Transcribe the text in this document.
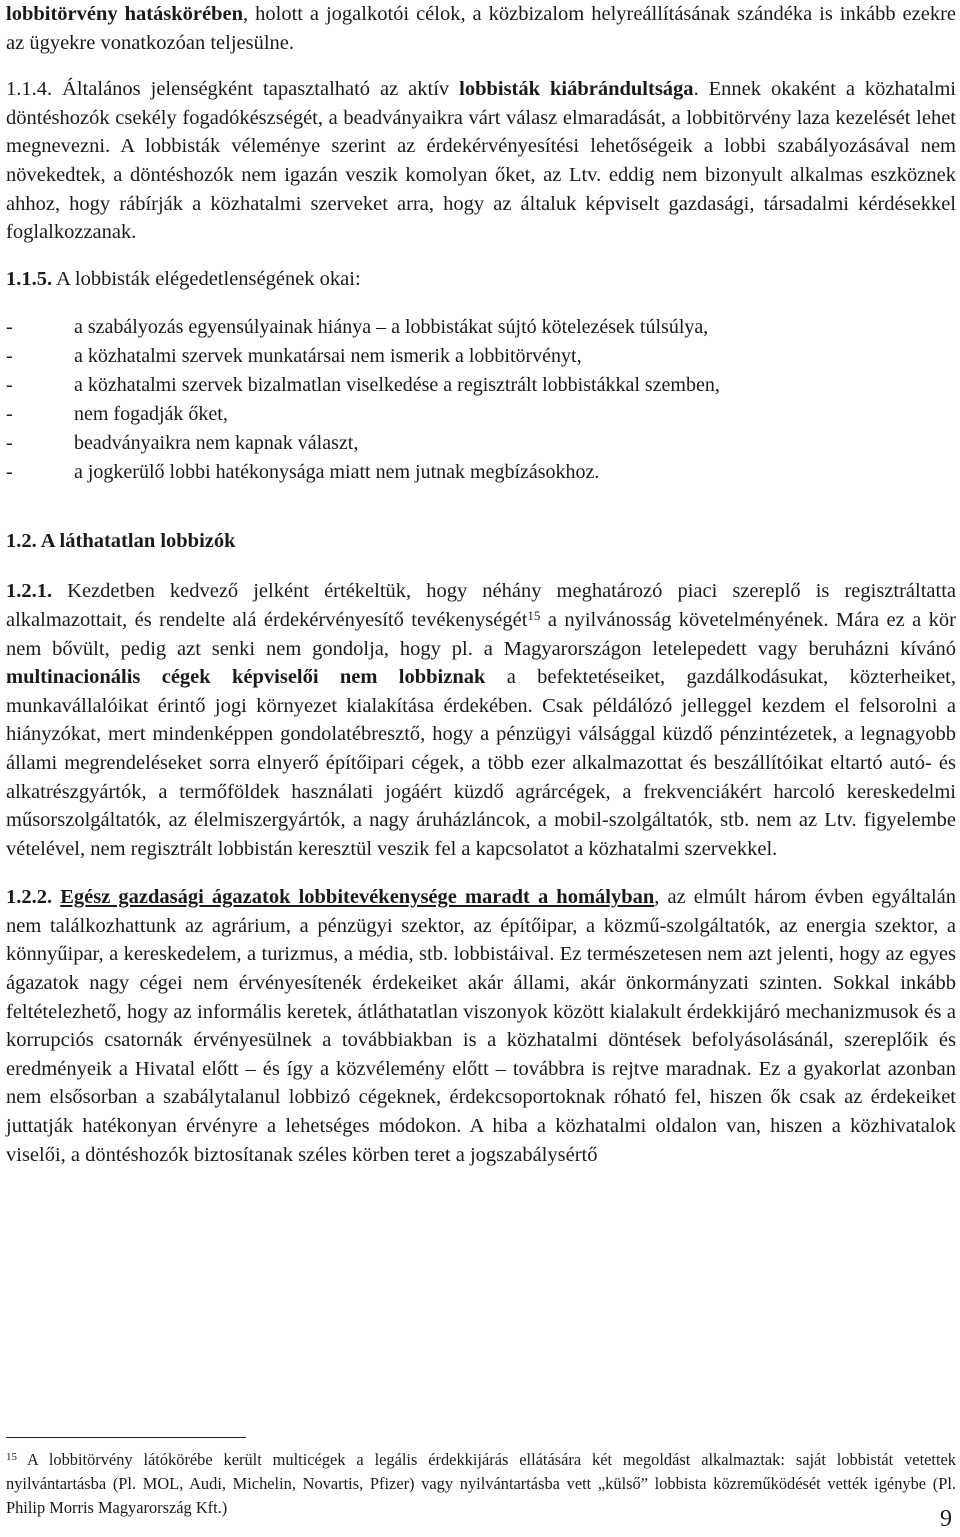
lobbitörvény hatáskörében, holott a jogalkotói célok, a közbizalom helyreállításának szándéka is inkább ezekre az ügyekre vonatkozóan teljesülne.

1.1.4. Általános jelenségként tapasztalható az aktív lobbisták kiábrándultsága. Ennek okaként a közhatalmi döntéshozók csekély fogadókészségét, a beadványaikra várt válasz elmaradását, a lobbitörvény laza kezelését lehet megnevezni. A lobbisták véleménye szerint az érdekérvényesítési lehetőségeik a lobbi szabályozásával nem növekedtek, a döntéshozók nem igazán veszik komolyan őket, az Ltv. eddig nem bizonyult alkalmas eszköznek ahhoz, hogy rábírják a közhatalmi szerveket arra, hogy az általuk képviselt gazdasági, társadalmi kérdésekkel foglalkozzanak.

1.1.5. A lobbisták elégedetlenségének okai:

-	a szabályozás egyensúlyainak hiánya – a lobbistákat sújtó kötelezések túlsúlya,
-	a közhatalmi szervek munkatársai nem ismerik a lobbitörvényt,
-	a közhatalmi szervek bizalmatlan viselkedése a regisztrált lobbistákkal szemben,
-	nem fogadják őket,
-	beadványaikra nem kapnak választ,
-	a jogkerülő lobbi hatékonysága miatt nem jutnak megbízásokhoz.

1.2. A láthatatlan lobbizók

1.2.1. Kezdetben kedvező jelként értékeltük, hogy néhány meghatározó piaci szereplő is regisztráltatta alkalmazottait, és rendelte alá érdekérvényesítő tevékenységét$^{15}$ a nyilvánosság követelményének. Mára ez a kör nem bővült, pedig azt senki nem gondolja, hogy pl. a Magyarországon letelepedett vagy beruházni kívánó multinacionális cégek képviselői nem lobbiznak a befektetéseiket, gazdálkodásukat, közterheiket, munkavállalóikat érintő jogi környezet kialakítása érdekében. Csak példálózó jelleggel kezdem el felsorolni a hiányzókat, mert mindenképpen gondolatébresztő, hogy a pénzügyi válsággal küzdő pénzintézetek, a legnagyobb állami megrendeléseket sorra elnyerő építőipari cégek, a több ezer alkalmazottat és beszállítóikat eltartó autó- és alkatrészgyártók, a termőföldek használati jogáért küzdő agrárcégek, a frekvenciákért harcoló kereskedelmi műsorszolgáltatók, az élelmiszergyártók, a nagy áruházláncok, a mobil-szolgáltatók, stb. nem az Ltv. figyelembe vételével, nem regisztrált lobbistán keresztül veszik fel a kapcsolatot a közhatalmi szervekkel.

1.2.2. Egész gazdasági ágazatok lobbitevékenysége maradt a homályban, az elmúlt három évben egyáltalán nem találkozhattunk az agrárium, a pénzügyi szektor, az építőipar, a közmű-szolgáltatók, az energia szektor, a könnyűipar, a kereskedelem, a turizmus, a média, stb. lobbistáival. Ez természetesen nem azt jelenti, hogy az egyes ágazatok nagy cégei nem érvényesítenék érdekeiket akár állami, akár önkormányzati szinten. Sokkal inkább feltételezhető, hogy az informális keretek, átláthatatlan viszonyok között kialakult érdekkijáró mechanizmusok és a korrupciós csatornák érvényesülnek a továbbiakban is a közhatalmi döntések befolyásolásánál, szereplőik és eredményeik a Hivatal előtt – és így a közvélemény előtt – továbbra is rejtve maradnak. Ez a gyakorlat azonban nem elsősorban a szabálytalanul lobbizó cégeknek, érdekcsoportoknak róható fel, hiszen ők csak az érdekeiket juttatják hatékonyan érvényre a lehetséges módokon. A hiba a közhatalmi oldalon van, hiszen a közhivatalok viselői, a döntéshozók biztosítanak széles körben teret a jogszabálysértő

$^{15}$ A lobbitörvény látókörébe került multicégek a legális érdekkijárás ellátására két megoldást alkalmaztak: saját lobbistát vetettek nyilvántartásba (Pl. MOL, Audi, Michelin, Novartis, Pfizer) vagy nyilvántartásba vett „külső” lobbista közreműködését vették igénybe (Pl. Philip Morris Magyarország Kft.)	9
